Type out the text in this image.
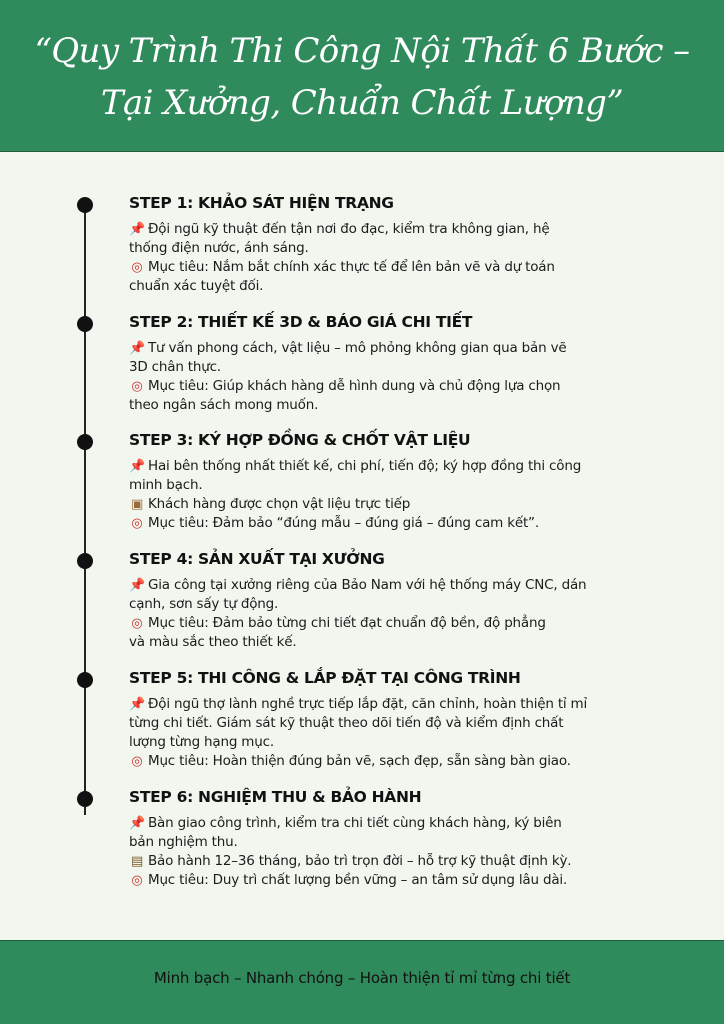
“Quy Trình Thi Công Nội Thất 6 Bước –

Tại Xưởng, Chuẩn Chất Lượng”

STEP 1: KHẢO SÁT HIỆN TRẠNG

📌 Đội ngũ kỹ thuật đến tận nơi đo đạc, kiểm tra không gian, hệ

thống điện nước, ánh sáng.

◎ Mục tiêu: Nắm bắt chính xác thực tế để lên bản vẽ và dự toán

chuẩn xác tuyệt đối.

STEP 2: THIẾT KẾ 3D & BÁO GIÁ CHI TIẾT

📌 Tư vấn phong cách, vật liệu – mô phỏng không gian qua bản vẽ

3D chân thực.

◎ Mục tiêu: Giúp khách hàng dễ hình dung và chủ động lựa chọn

theo ngân sách mong muốn.

STEP 3: KÝ HỢP ĐỒNG & CHỐT VẬT LIỆU

📌 Hai bên thống nhất thiết kế, chi phí, tiến độ; ký hợp đồng thi công

minh bạch.

▣ Khách hàng được chọn vật liệu trực tiếp

◎ Mục tiêu: Đảm bảo “đúng mẫu – đúng giá – đúng cam kết”.

STEP 4: SẢN XUẤT TẠI XƯỞNG

📌 Gia công tại xưởng riêng của Bảo Nam với hệ thống máy CNC, dán

cạnh, sơn sấy tự động.

◎ Mục tiêu: Đảm bảo từng chi tiết đạt chuẩn độ bền, độ phẳng

và màu sắc theo thiết kế.

STEP 5: THI CÔNG & LẮP ĐẶT TẠI CÔNG TRÌNH

📌 Đội ngũ thợ lành nghề trực tiếp lắp đặt, căn chỉnh, hoàn thiện tỉ mỉ

từng chi tiết. Giám sát kỹ thuật theo dõi tiến độ và kiểm định chất

lượng từng hạng mục.

◎ Mục tiêu: Hoàn thiện đúng bản vẽ, sạch đẹp, sẵn sàng bàn giao.

STEP 6: NGHIỆM THU & BẢO HÀNH

📌 Bàn giao công trình, kiểm tra chi tiết cùng khách hàng, ký biên

bản nghiệm thu.

▤ Bảo hành 12–36 tháng, bảo trì trọn đời – hỗ trợ kỹ thuật định kỳ.

◎ Mục tiêu: Duy trì chất lượng bền vững – an tâm sử dụng lâu dài.

Minh bạch – Nhanh chóng – Hoàn thiện tỉ mỉ từng chi tiết
